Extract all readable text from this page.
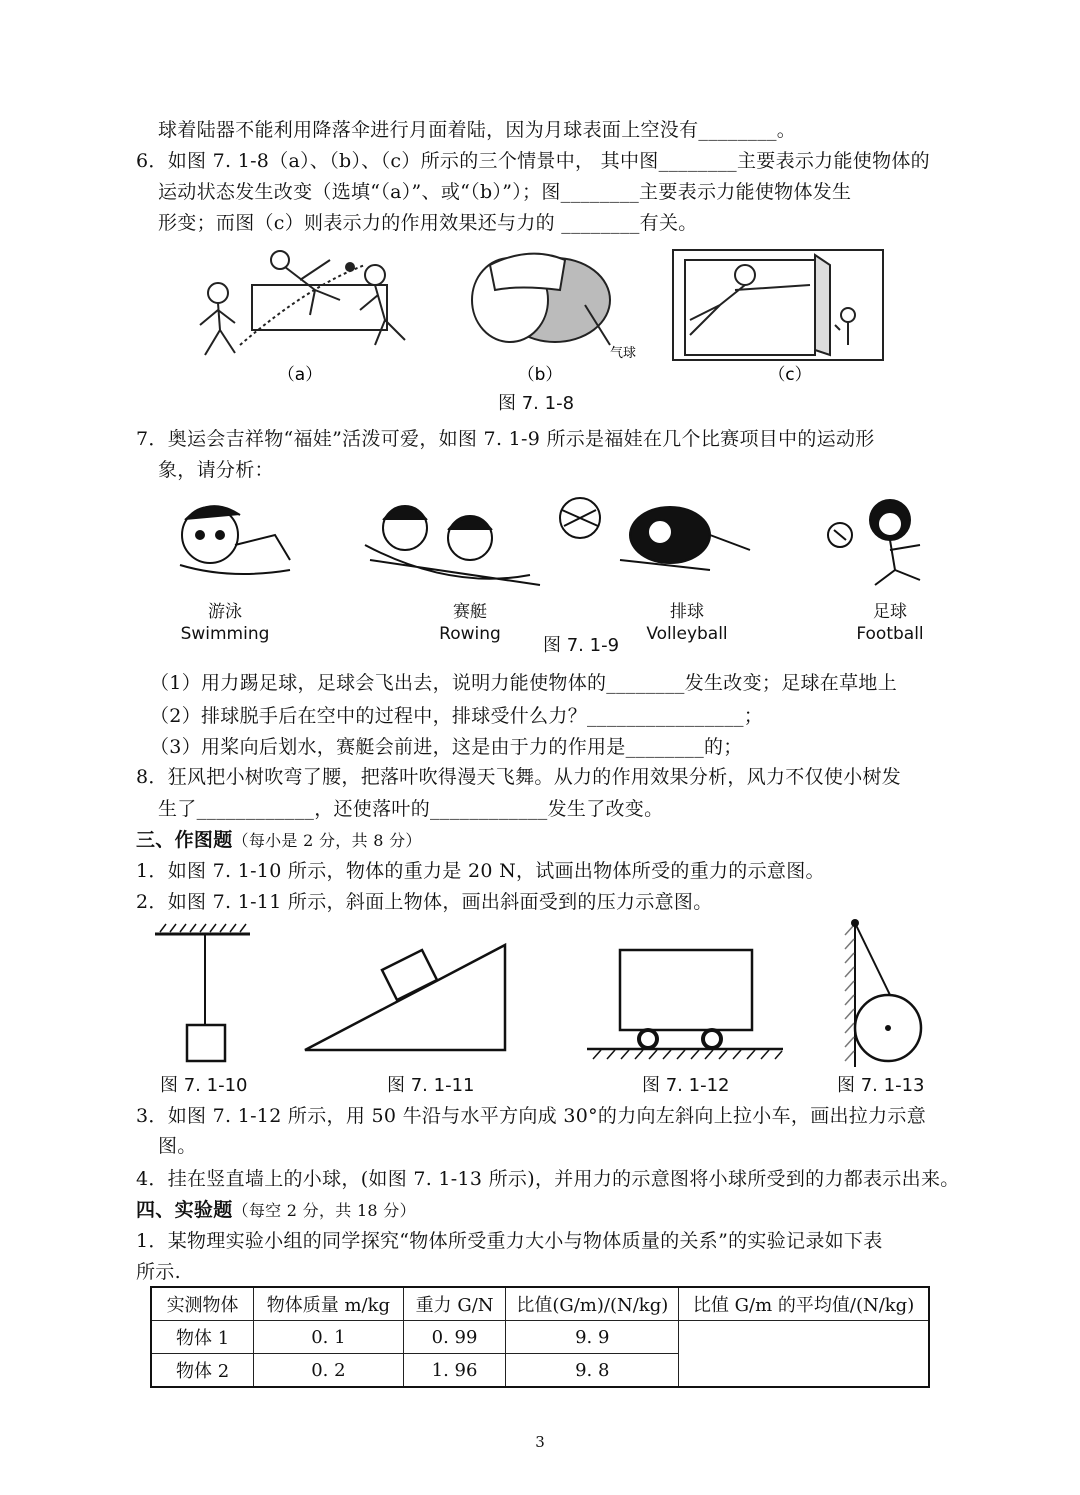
球着陆器不能利用降落伞进行月面着陆，因为月球表面上空没有________。
6．如图 7. 1-8（a）、（b）、（c）所示的三个情景中， 其中图________主要表示力能使物体的
运动状态发生改变（选填“（a）”、或“（b）”）；图________主要表示力能使物体发生
形变；而图（c）则表示力的作用效果还与力的 ________有关。
（a）	（b）	（c）
气球
图 7. 1-8
7．奥运会吉祥物“福娃”活泼可爱，如图 7. 1-9 所示是福娃在几个比赛项目中的运动形
象，请分析：
游泳
Swimming
赛艇
Rowing
图 7. 1-9
排球
Volleyball
足球
Football
（1）用力踢足球，足球会飞出去，说明力能使物体的________发生改变；足球在草地上
（2）排球脱手后在空中的过程中，排球受什么力？________________；
（3）用桨向后划水，赛艇会前进，这是由于力的作用是________的；
8．狂风把小树吹弯了腰，把落叶吹得漫天飞舞。从力的作用效果分析，风力不仅使小树发
生了____________，还使落叶的____________发生了改变。
三、作图题（每小是 2 分，共 8 分）
1．如图 7. 1-10 所示，物体的重力是 20 N，试画出物体所受的重力的示意图。
2．如图 7. 1-11 所示，斜面上物体，画出斜面受到的压力示意图。
图 7. 1-10	图 7. 1-11	图 7. 1-12	图 7. 1-13
3．如图 7. 1-12 所示，用 50 牛沿与水平方向成 30°的力向左斜向上拉小车，画出拉力示意
图。
4．挂在竖直墙上的小球，(如图 7. 1-13 所示)，并用力的示意图将小球所受到的力都表示出来。
四、实验题（每空 2 分，共 18 分）
1．某物理实验小组的同学探究“物体所受重力大小与物体质量的关系”的实验记录如下表
所示.
实测物体	物体质量 m/kg	重力 G/N	比值(G/m)/(N/kg)	比值 G/m 的平均值/(N/kg)
物体 1	0. 1	0. 99	9. 9	
物体 2	0. 2	1. 96	9. 8	
3
